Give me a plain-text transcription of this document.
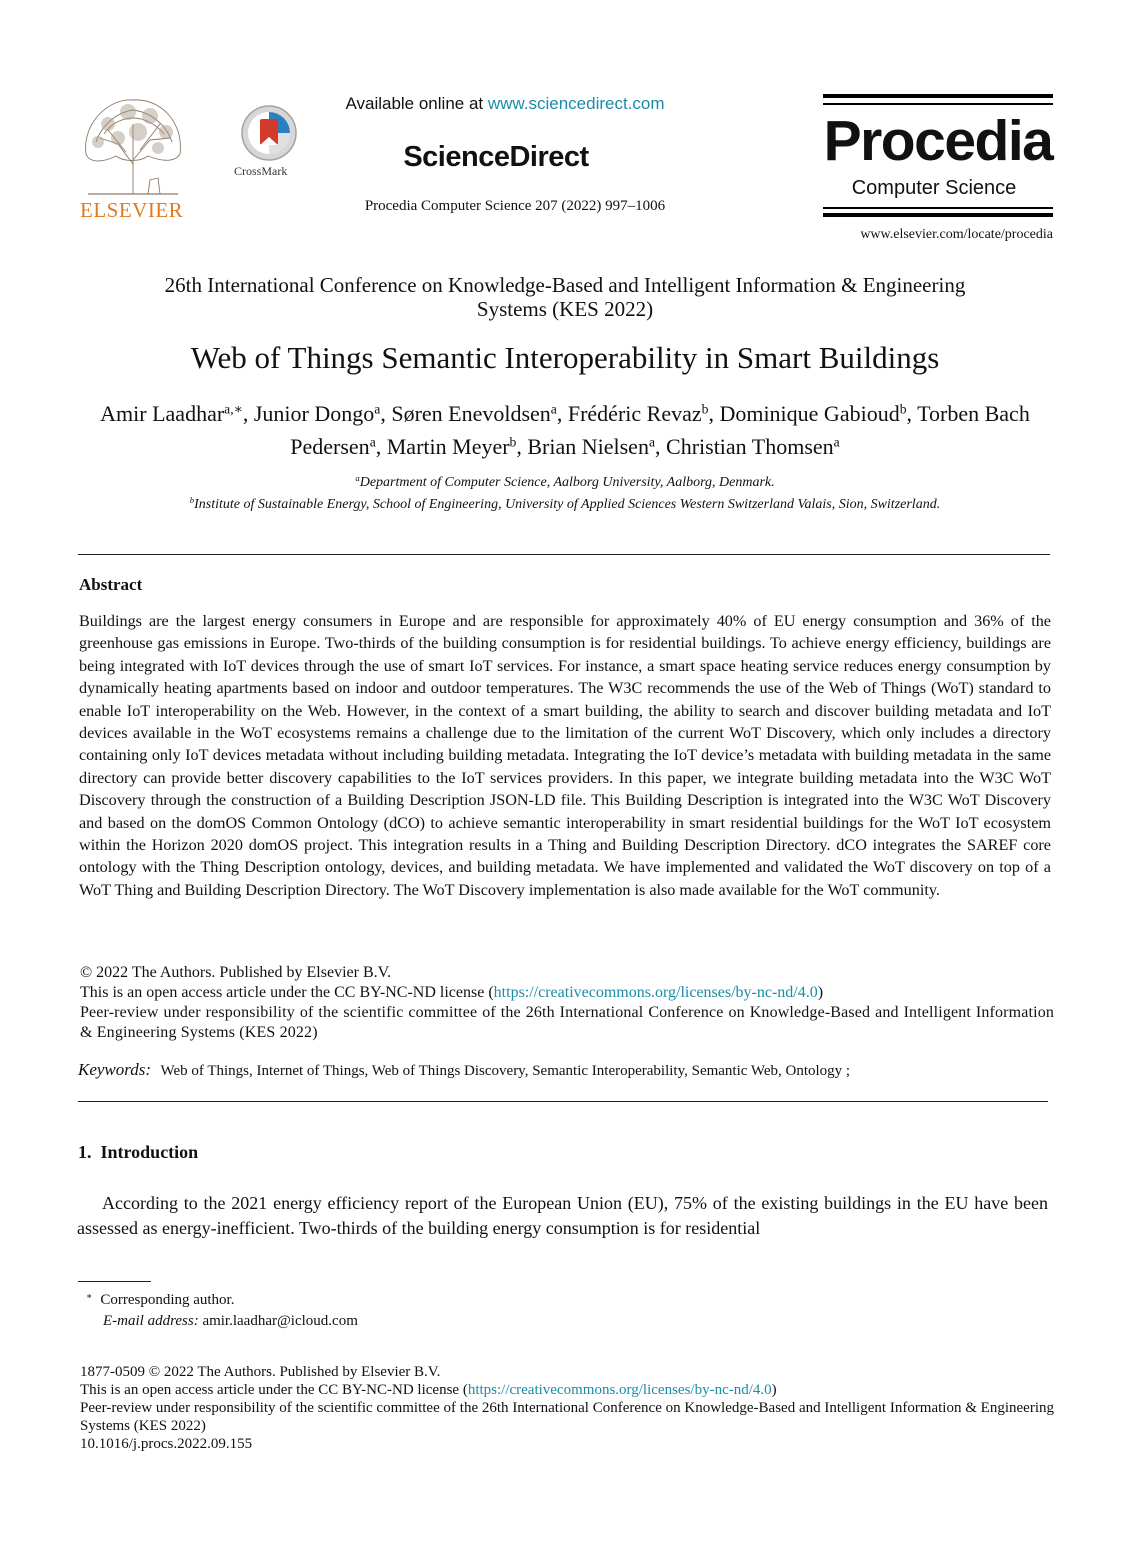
ELSEVIER
CrossMark
Available online at www.sciencedirect.com
ScienceDirect
Procedia Computer Science 207 (2022) 997–1006
Procedia
Computer Science
www.elsevier.com/locate/procedia
26th International Conference on Knowledge-Based and Intelligent Information & Engineering
Systems (KES 2022)
Web of Things Semantic Interoperability in Smart Buildings
Amir Laadhar$^{a,∗}$, Junior Dongo$^a$, Søren Enevoldsen$^a$, Frédéric Revaz$^b$, Dominique Gabioud$^b$, Torben Bach Pedersen$^a$, Martin Meyer$^b$, Brian Nielsen$^a$, Christian Thomsen$^a$
$^a$Department of Computer Science, Aalborg University, Aalborg, Denmark.
$^b$Institute of Sustainable Energy, School of Engineering, University of Applied Sciences Western Switzerland Valais, Sion, Switzerland.
Abstract
Buildings are the largest energy consumers in Europe and are responsible for approximately 40% of EU energy consumption and 36% of the greenhouse gas emissions in Europe. Two-thirds of the building consumption is for residential buildings. To achieve energy efficiency, buildings are being integrated with IoT devices through the use of smart IoT services. For instance, a smart space heating service reduces energy consumption by dynamically heating apartments based on indoor and outdoor temperatures. The W3C recommends the use of the Web of Things (WoT) standard to enable IoT interoperability on the Web. However, in the context of a smart building, the ability to search and discover building metadata and IoT devices available in the WoT ecosystems remains a challenge due to the limitation of the current WoT Discovery, which only includes a directory containing only IoT devices metadata without including building metadata. Integrating the IoT device’s metadata with building metadata in the same directory can provide better discovery capabilities to the IoT services providers. In this paper, we integrate building metadata into the W3C WoT Discovery through the construction of a Building Description JSON-LD file. This Building Description is integrated into the W3C WoT Discovery and based on the domOS Common Ontology (dCO) to achieve semantic interoperability in smart residential buildings for the WoT IoT ecosystem within the Horizon 2020 domOS project. This integration results in a Thing and Building Description Directory. dCO integrates the SAREF core ontology with the Thing Description ontology, devices, and building metadata. We have implemented and validated the WoT discovery on top of a WoT Thing and Building Description Directory. The WoT Discovery implementation is also made available for the WoT community.
© 2022 The Authors. Published by Elsevier B.V.
This is an open access article under the CC BY-NC-ND license (https://creativecommons.org/licenses/by-nc-nd/4.0)
Peer-review under responsibility of the scientific committee of the 26th International Conference on Knowledge-Based and Intelligent Information & Engineering Systems (KES 2022)
Keywords: Web of Things, Internet of Things, Web of Things Discovery, Semantic Interoperability, Semantic Web, Ontology ;
1.  Introduction
According to the 2021 energy efficiency report of the European Union (EU), 75% of the existing buildings in the EU have been assessed as energy-inefficient. Two-thirds of the building energy consumption is for residential
∗ Corresponding author.
E-mail address: amir.laadhar@icloud.com
1877-0509 © 2022 The Authors. Published by Elsevier B.V.
This is an open access article under the CC BY-NC-ND license (https://creativecommons.org/licenses/by-nc-nd/4.0)
Peer-review under responsibility of the scientific committee of the 26th International Conference on Knowledge-Based and Intelligent Information & Engineering Systems (KES 2022)
10.1016/j.procs.2022.09.155
